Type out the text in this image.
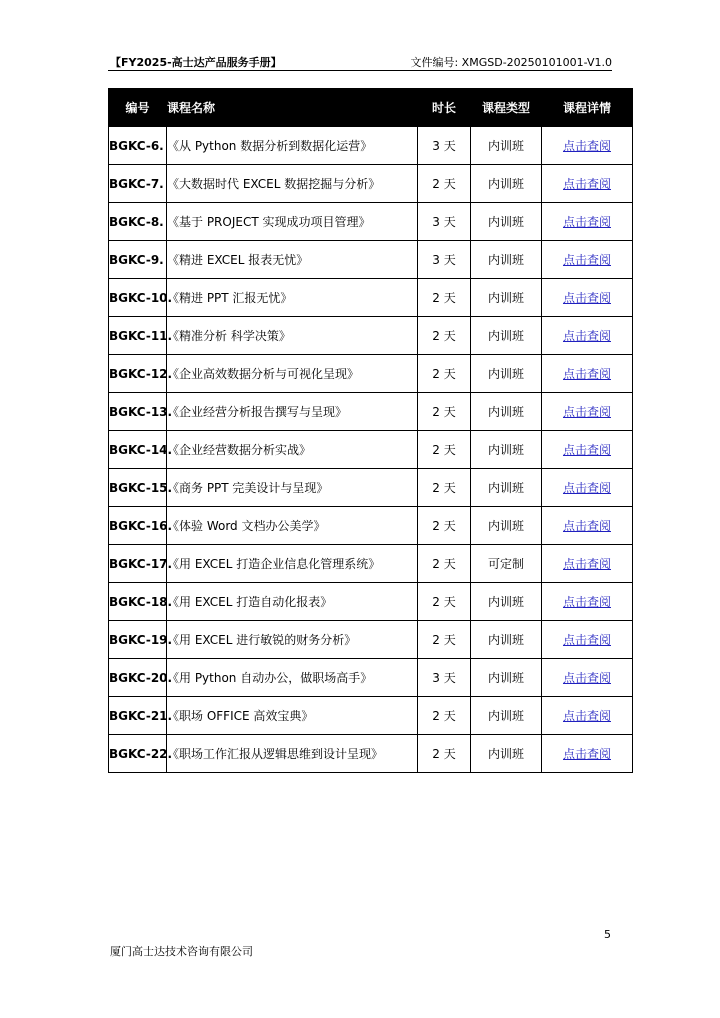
【FY2025-高士达产品服务手册】	文件编号: XMGSD-20250101001-V1.0
编号	课程名称	时长	课程类型	课程详情
BGKC-6.	《从 Python 数据分析到数据化运营》	3 天	内训班	点击查阅
BGKC-7.	《大数据时代 EXCEL 数据挖掘与分析》	2 天	内训班	点击查阅
BGKC-8.	《基于 PROJECT 实现成功项目管理》	3 天	内训班	点击查阅
BGKC-9.	《精进 EXCEL 报表无忧》	3 天	内训班	点击查阅
BGKC-10.	《精进 PPT 汇报无忧》	2 天	内训班	点击查阅
BGKC-11.	《精准分析 科学决策》	2 天	内训班	点击查阅
BGKC-12.	《企业高效数据分析与可视化呈现》	2 天	内训班	点击查阅
BGKC-13.	《企业经营分析报告撰写与呈现》	2 天	内训班	点击查阅
BGKC-14.	《企业经营数据分析实战》	2 天	内训班	点击查阅
BGKC-15.	《商务 PPT 完美设计与呈现》	2 天	内训班	点击查阅
BGKC-16.	《体验 Word 文档办公美学》	2 天	内训班	点击查阅
BGKC-17.	《用 EXCEL 打造企业信息化管理系统》	2 天	可定制	点击查阅
BGKC-18.	《用 EXCEL 打造自动化报表》	2 天	内训班	点击查阅
BGKC-19.	《用 EXCEL 进行敏锐的财务分析》	2 天	内训班	点击查阅
BGKC-20.	《用 Python 自动办公，做职场高手》	3 天	内训班	点击查阅
BGKC-21.	《职场 OFFICE 高效宝典》	2 天	内训班	点击查阅
BGKC-22.	《职场工作汇报从逻辑思维到设计呈现》	2 天	内训班	点击查阅
5
厦门高士达技术咨询有限公司
